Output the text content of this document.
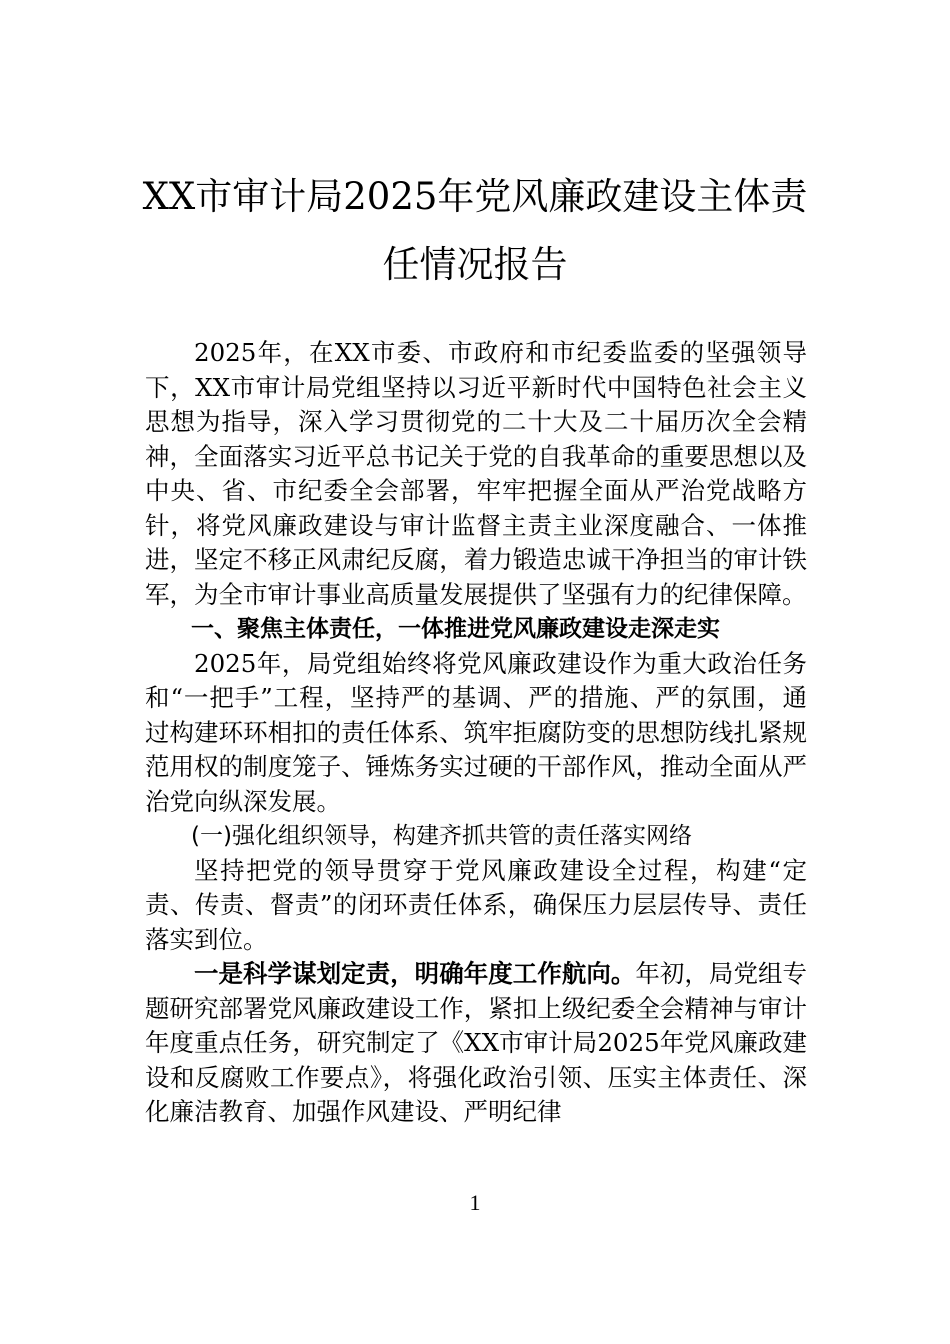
XX市审计局2025年党风廉政建设主体责
任情况报告

2025年，在XX市委、市政府和市纪委监委的坚强领导下，XX市审计局党组坚持以习近平新时代中国特色社会主义思想为指导，深入学习贯彻党的二十大及二十届历次全会精神，全面落实习近平总书记关于党的自我革命的重要思想以及中央、省、市纪委全会部署，牢牢把握全面从严治党战略方针，将党风廉政建设与审计监督主责主业深度融合、一体推进，坚定不移正风肃纪反腐，着力锻造忠诚干净担当的审计铁军，为全市审计事业高质量发展提供了坚强有力的纪律保障。

一、聚焦主体责任，一体推进党风廉政建设走深走实

2025年，局党组始终将党风廉政建设作为重大政治任务和“一把手”工程，坚持严的基调、严的措施、严的氛围，通过构建环环相扣的责任体系、筑牢拒腐防变的思想防线扎紧规范用权的制度笼子、锤炼务实过硬的干部作风，推动全面从严治党向纵深发展。

(一)强化组织领导，构建齐抓共管的责任落实网络

坚持把党的领导贯穿于党风廉政建设全过程，构建“定责、传责、督责”的闭环责任体系，确保压力层层传导、责任落实到位。

一是科学谋划定责，明确年度工作航向。年初，局党组专题研究部署党风廉政建设工作，紧扣上级纪委全会精神与审计年度重点任务，研究制定了《XX市审计局2025年党风廉政建设和反腐败工作要点》，将强化政治引领、压实主体责任、深化廉洁教育、加强作风建设、严明纪律

1
